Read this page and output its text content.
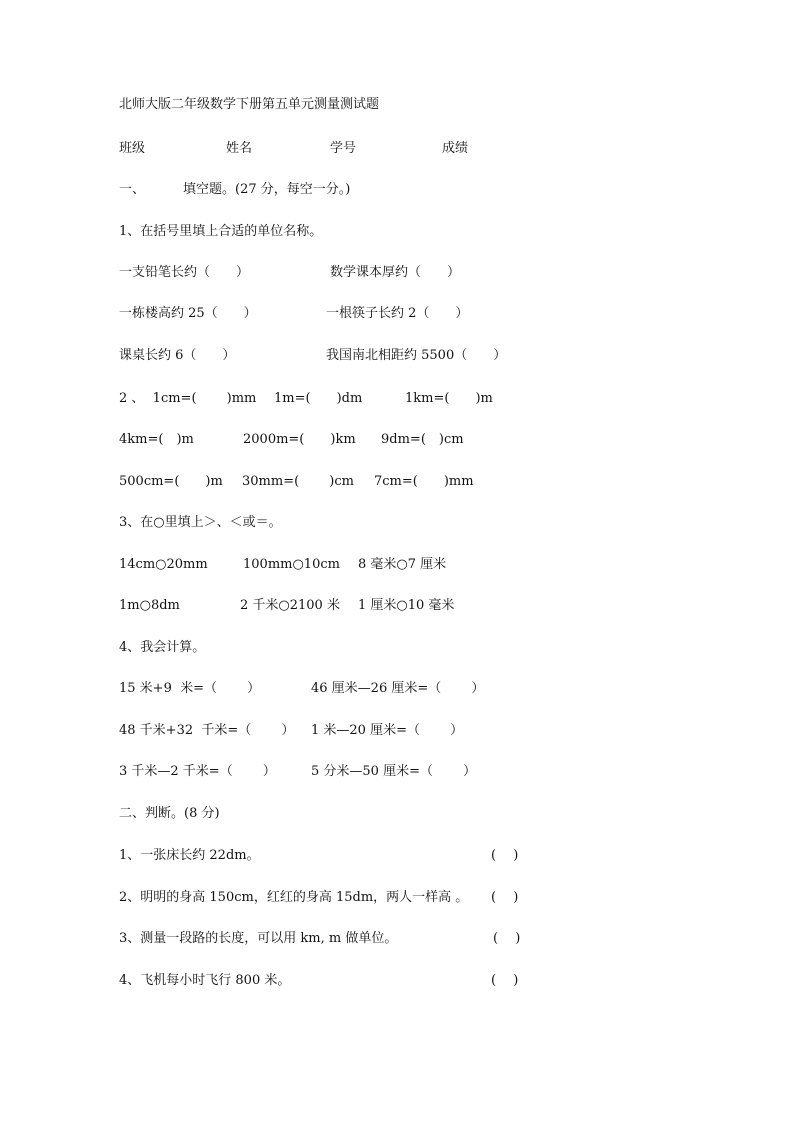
北师大版二年级数学下册第五单元测量测试题
班级	姓名	学号	成绩
一、	填空题。(27 分，每空一分。)
1、在括号里填上合适的单位名称。
一支铅笔长约（　　）	数学课本厚约（　　）
一栋楼高约 25（　　）	一根筷子长约 2（　　）
课桌长约 6（　　）	我国南北相距约 5500（　　）
2 、  1cm=(　　 )mm 1m=(　　)dm	1km=(　　)m
4km=(　)m	2000m=(　　)km 9dm=(　)cm
500cm=(　　)m 30mm=(　　 )cm 7cm=(　　)mm
3、在○里填上＞、＜或＝。
14cm○20mm	100mm○10cm 8 毫米○7 厘米
1m○8dm	2 千米○2100 米 1 厘米○10 毫米
4、我会计算。
15 米+9  米=（　　 ）	46 厘米—26 厘米=（　　 ）
48 千米+32  千米=（　　 ） 1 米—20 厘米=（　　 ）
3 千米—2 千米=（　　 ）	5 分米—50 厘米=（　　 ）
二、判断。(8 分)
1、一张床长约 22dm。	(　 )
2、明明的身高 150cm，红红的身高 15dm，两人一样高 。 (　 )
3、测量一段路的长度，可以用 km, m 做单位。	(　 )
4、飞机每小时飞行 800 米。	(　 )
